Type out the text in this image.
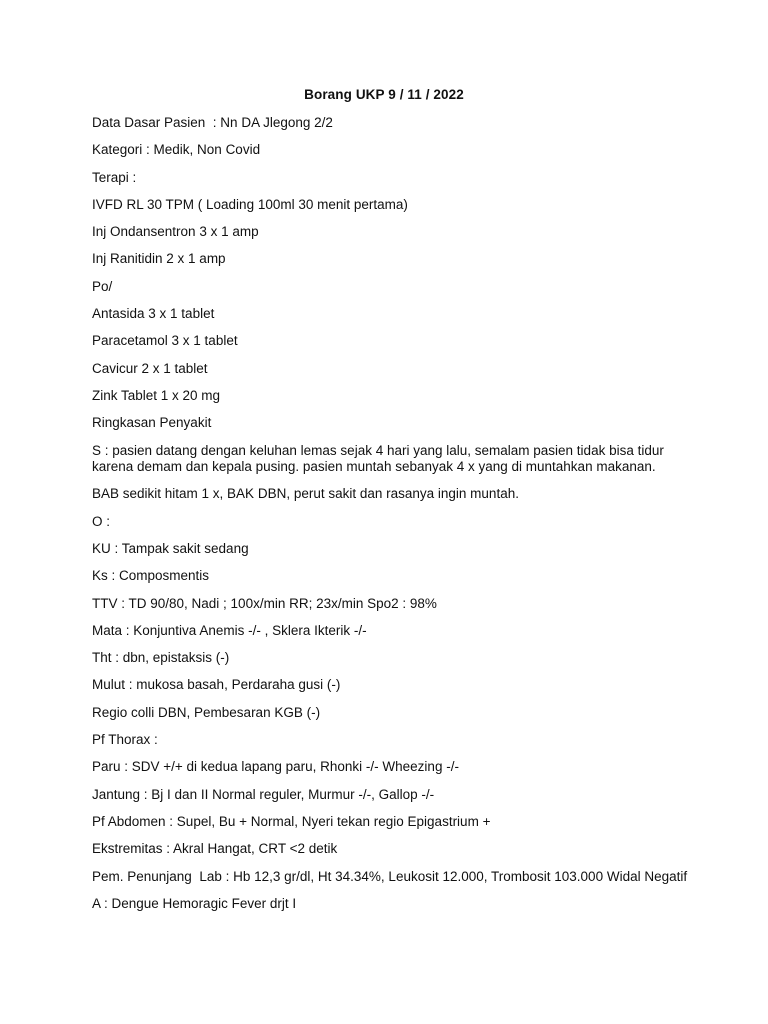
Borang UKP 9 / 11 / 2022
Data Dasar Pasien  : Nn DA Jlegong 2/2
Kategori : Medik, Non Covid
Terapi :
IVFD RL 30 TPM ( Loading 100ml 30 menit pertama)
Inj Ondansentron 3 x 1 amp
Inj Ranitidin 2 x 1 amp
Po/
Antasida 3 x 1 tablet
Paracetamol 3 x 1 tablet
Cavicur 2 x 1 tablet
Zink Tablet 1 x 20 mg
Ringkasan Penyakit
S : pasien datang dengan keluhan lemas sejak 4 hari yang lalu, semalam pasien tidak bisa tidur
karena demam dan kepala pusing. pasien muntah sebanyak 4 x yang di muntahkan makanan.
BAB sedikit hitam 1 x, BAK DBN, perut sakit dan rasanya ingin muntah.
O :
KU : Tampak sakit sedang
Ks : Composmentis
TTV : TD 90/80, Nadi ; 100x/min RR; 23x/min Spo2 : 98%
Mata : Konjuntiva Anemis -/- , Sklera Ikterik -/-
Tht : dbn, epistaksis (-)
Mulut : mukosa basah, Perdaraha gusi (-)
Regio colli DBN, Pembesaran KGB (-)
Pf Thorax :
Paru : SDV +/+ di kedua lapang paru, Rhonki -/- Wheezing -/-
Jantung : Bj I dan II Normal reguler, Murmur -/-, Gallop -/-
Pf Abdomen : Supel, Bu + Normal, Nyeri tekan regio Epigastrium +
Ekstremitas : Akral Hangat, CRT <2 detik
Pem. Penunjang  Lab : Hb 12,3 gr/dl, Ht 34.34%, Leukosit 12.000, Trombosit 103.000 Widal Negatif
A : Dengue Hemoragic Fever drjt I
